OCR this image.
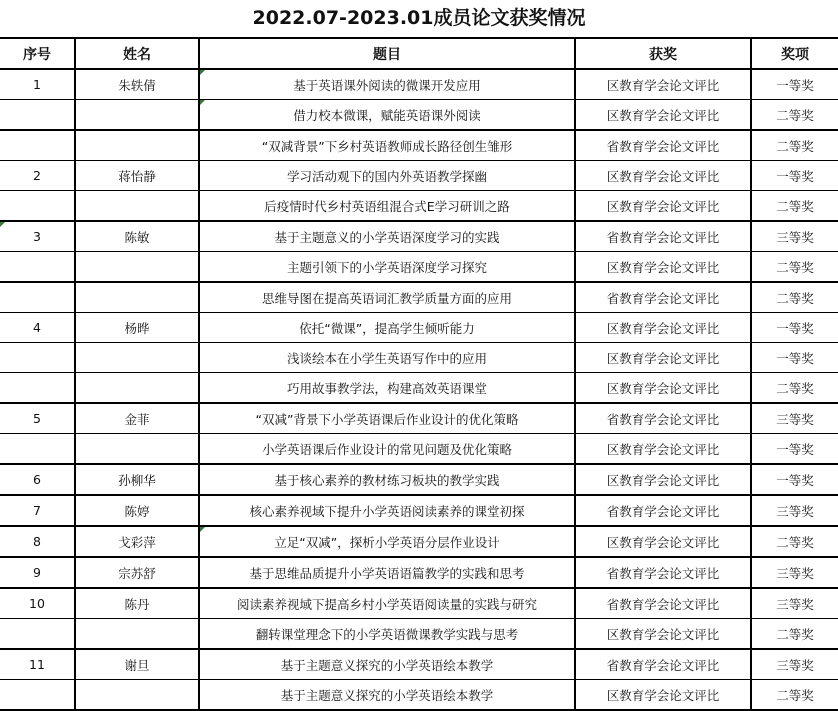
2022.07-2023.01成员论文获奖情况
序号	姓名	题目	获奖	奖项
1	朱轶倩	基于英语课外阅读的微课开发应用	区教育学会论文评比	一等奖
		借力校本微课，赋能英语课外阅读	区教育学会论文评比	二等奖
		“双减背景”下乡村英语教师成长路径创生雏形	省教育学会论文评比	二等奖
2	蒋怡静	学习活动观下的国内外英语教学探幽	区教育学会论文评比	一等奖
		后疫情时代乡村英语组混合式E学习研训之路	区教育学会论文评比	二等奖
3	陈敏	基于主题意义的小学英语深度学习的实践	省教育学会论文评比	三等奖
		主题引领下的小学英语深度学习探究	区教育学会论文评比	二等奖
		思维导图在提高英语词汇教学质量方面的应用	省教育学会论文评比	二等奖
4	杨晔	依托“微课”，提高学生倾听能力	区教育学会论文评比	一等奖
		浅谈绘本在小学生英语写作中的应用	区教育学会论文评比	一等奖
		巧用故事教学法，构建高效英语课堂	区教育学会论文评比	二等奖
5	金菲	“双减”背景下小学英语课后作业设计的优化策略	省教育学会论文评比	三等奖
		小学英语课后作业设计的常见问题及优化策略	区教育学会论文评比	一等奖
6	孙柳华	基于核心素养的教材练习板块的教学实践	区教育学会论文评比	一等奖
7	陈婷	核心素养视域下提升小学英语阅读素养的课堂初探	省教育学会论文评比	三等奖
8	戈彩萍	立足“双减”，探析小学英语分层作业设计	区教育学会论文评比	二等奖
9	宗苏舒	基于思维品质提升小学英语语篇教学的实践和思考	省教育学会论文评比	三等奖
10	陈丹	阅读素养视域下提高乡村小学英语阅读量的实践与研究	省教育学会论文评比	三等奖
		翻转课堂理念下的小学英语微课教学实践与思考	区教育学会论文评比	二等奖
11	谢旦	基于主题意义探究的小学英语绘本教学	省教育学会论文评比	三等奖
		基于主题意义探究的小学英语绘本教学	区教育学会论文评比	二等奖
